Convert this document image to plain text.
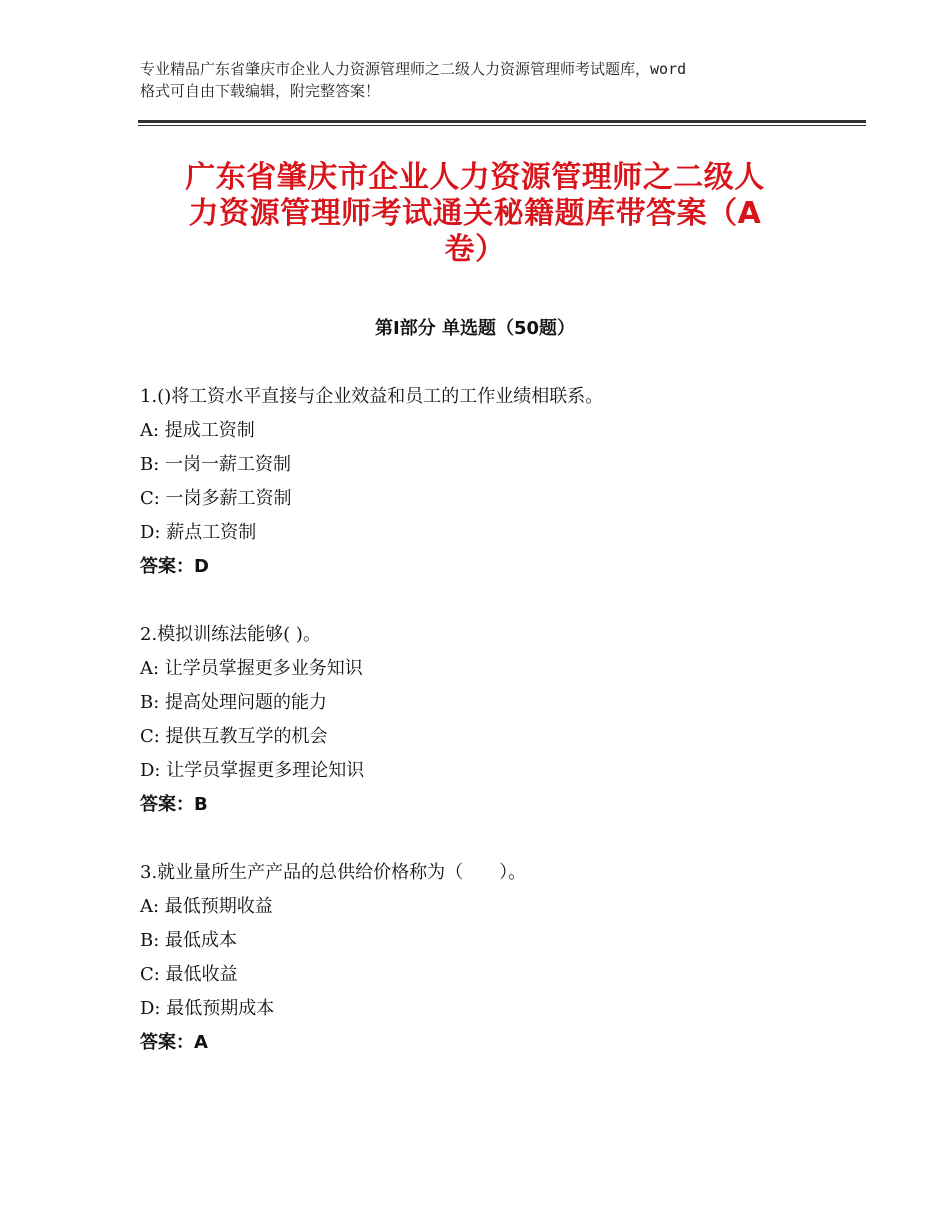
专业精品广东省肇庆市企业人力资源管理师之二级人力资源管理师考试题库，word
格式可自由下载编辑，附完整答案！
广东省肇庆市企业人力资源管理师之二级人
力资源管理师考试通关秘籍题库带答案（A
卷）
第Ⅰ部分 单选题（50题）
1.()将工资水平直接与企业效益和员工的工作业绩相联系。
A: 提成工资制
B: 一岗一薪工资制
C: 一岗多薪工资制
D: 薪点工资制
答案：D
2.模拟训练法能够( )。
A: 让学员掌握更多业务知识
B: 提高处理问题的能力
C: 提供互教互学的机会
D: 让学员掌握更多理论知识
答案：B
3.就业量所生产产品的总供给价格称为（　　）。
A: 最低预期收益
B: 最低成本
C: 最低收益
D: 最低预期成本
答案：A
